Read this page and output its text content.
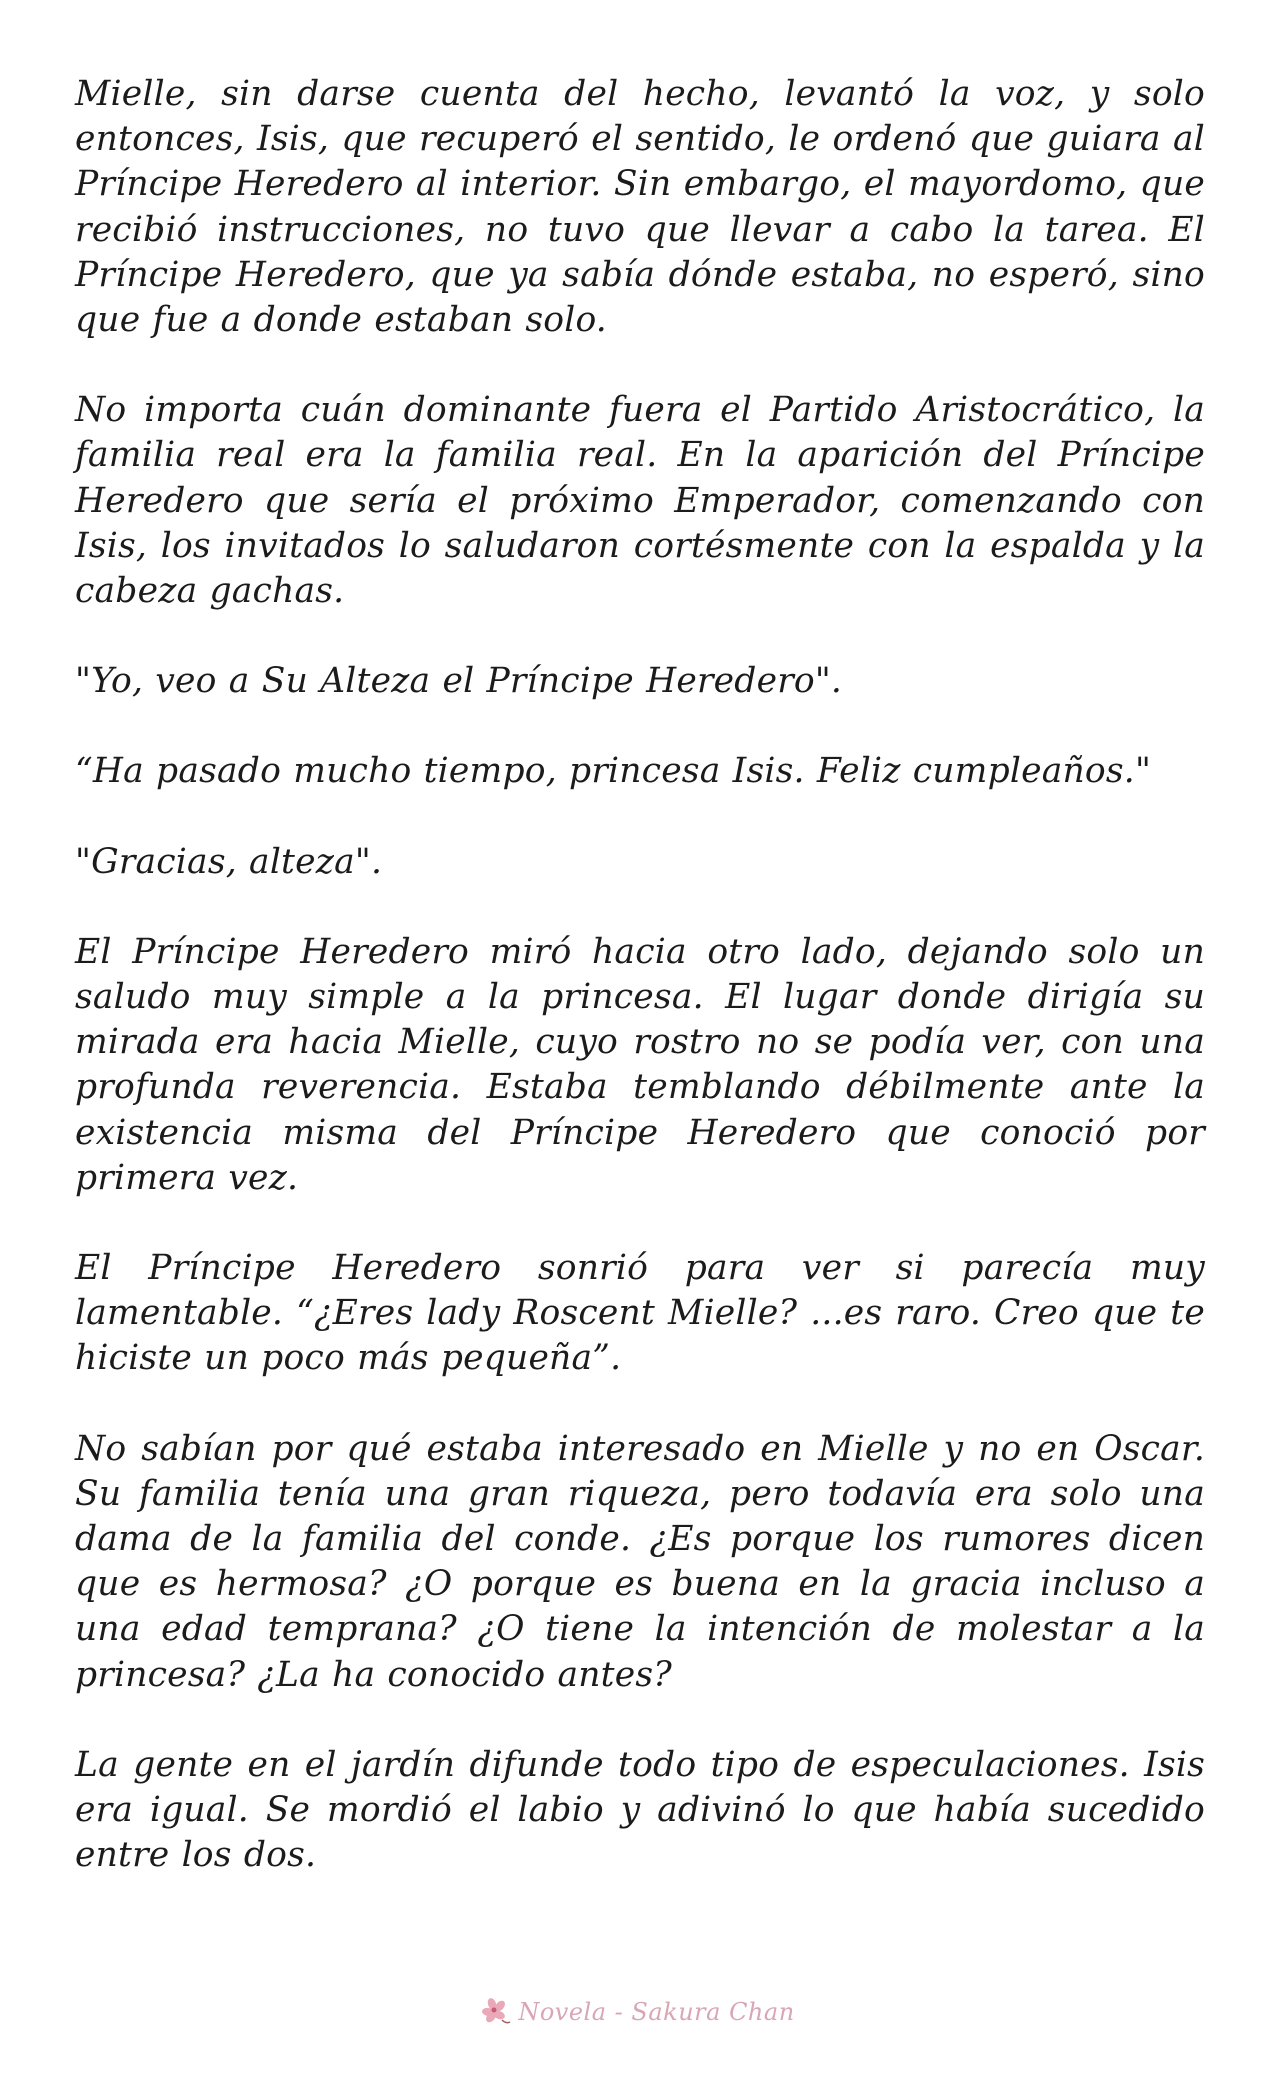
Mielle, sin darse cuenta del hecho, levantó la voz, y solo entonces, Isis, que recuperó el sentido, le ordenó que guiara al Príncipe Heredero al interior. Sin embargo, el mayordomo, que recibió instrucciones, no tuvo que llevar a cabo la tarea. El Príncipe Heredero, que ya sabía dónde estaba, no esperó, sino que fue a donde estaban solo.

No importa cuán dominante fuera el Partido Aristocrático, la familia real era la familia real. En la aparición del Príncipe Heredero que sería el próximo Emperador, comenzando con Isis, los invitados lo saludaron cortésmente con la espalda y la cabeza gachas.

"Yo, veo a Su Alteza el Príncipe Heredero".

“Ha pasado mucho tiempo, princesa Isis. Feliz cumpleaños."

"Gracias, alteza".

El Príncipe Heredero miró hacia otro lado, dejando solo un saludo muy simple a la princesa. El lugar donde dirigía su mirada era hacia Mielle, cuyo rostro no se podía ver, con una profunda reverencia. Estaba temblando débilmente ante la existencia misma del Príncipe Heredero que conoció por primera vez.

El Príncipe Heredero sonrió para ver si parecía muy lamentable. “¿Eres lady Roscent Mielle? ...es raro. Creo que te hiciste un poco más pequeña”.

No sabían por qué estaba interesado en Mielle y no en Oscar. Su familia tenía una gran riqueza, pero todavía era solo una dama de la familia del conde. ¿Es porque los rumores dicen que es hermosa? ¿O porque es buena en la gracia incluso a una edad temprana? ¿O tiene la intención de molestar a la princesa? ¿La ha conocido antes?

La gente en el jardín difunde todo tipo de especulaciones. Isis era igual. Se mordió el labio y adivinó lo que había sucedido entre los dos.

Novela - Sakura Chan
